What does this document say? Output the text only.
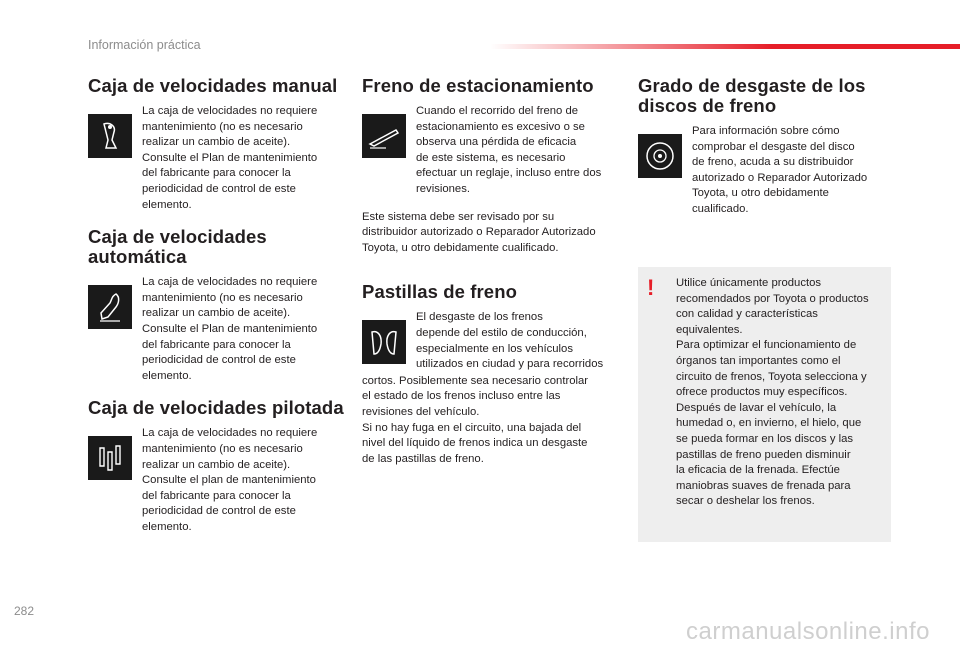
Información práctica
Caja de velocidades manual
La caja de velocidades no requiere
mantenimiento (no es necesario
realizar un cambio de aceite).
Consulte el Plan de mantenimiento
del fabricante para conocer la
periodicidad de control de este
elemento.
Caja de velocidades
automática
La caja de velocidades no requiere
mantenimiento (no es necesario
realizar un cambio de aceite).
Consulte el Plan de mantenimiento
del fabricante para conocer la
periodicidad de control de este
elemento.
Caja de velocidades pilotada
La caja de velocidades no requiere
mantenimiento (no es necesario
realizar un cambio de aceite).
Consulte el plan de mantenimiento
del fabricante para conocer la
periodicidad de control de este
elemento.
Freno de estacionamiento
Cuando el recorrido del freno de
estacionamiento es excesivo o se
observa una pérdida de eficacia
de este sistema, es necesario
efectuar un reglaje, incluso entre dos
revisiones.
Este sistema debe ser revisado por su
distribuidor autorizado o Reparador Autorizado
Toyota, u otro debidamente cualificado.
Pastillas de freno
El desgaste de los frenos
depende del estilo de conducción,
especialmente en los vehículos
utilizados en ciudad y para recorridos
cortos. Posiblemente sea necesario controlar
el estado de los frenos incluso entre las
revisiones del vehículo.
Si no hay fuga en el circuito, una bajada del
nivel del líquido de frenos indica un desgaste
de las pastillas de freno.
Grado de desgaste de los
discos de freno
Para información sobre cómo
comprobar el desgaste del disco
de freno, acuda a su distribuidor
autorizado o Reparador Autorizado
Toyota, u otro debidamente
cualificado.
! Utilice únicamente productos
recomendados por Toyota o productos
con calidad y características
equivalentes.
Para optimizar el funcionamiento de
órganos tan importantes como el
circuito de frenos, Toyota selecciona y
ofrece productos muy específicos.
Después de lavar el vehículo, la
humedad o, en invierno, el hielo, que
se pueda formar en los discos y las
pastillas de freno pueden disminuir
la eficacia de la frenada. Efectúe
maniobras suaves de frenada para
secar o deshelar los frenos.
282
carmanualsonline.info
